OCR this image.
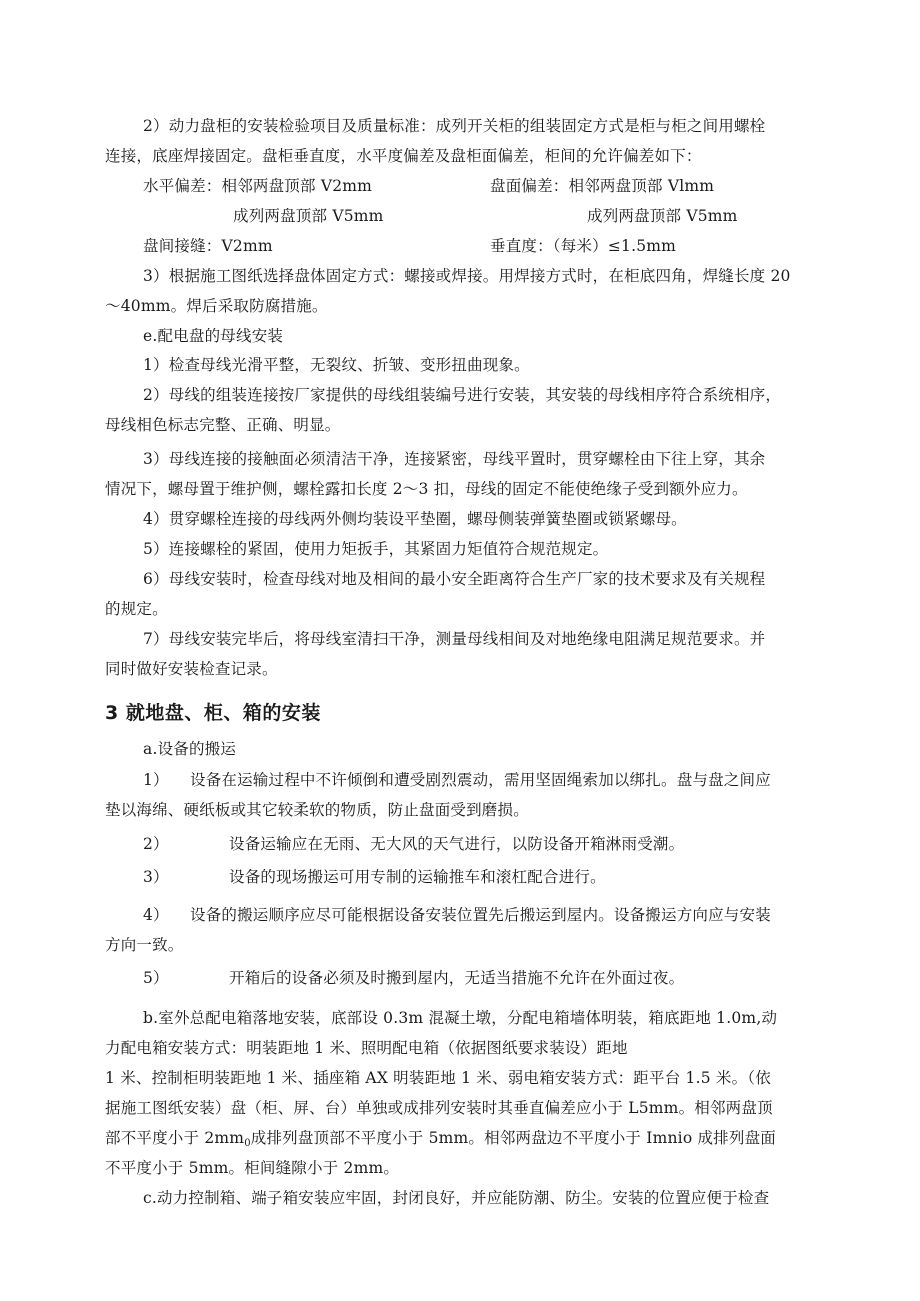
2）动力盘柜的安装检验项目及质量标准：成列开关柜的组装固定方式是柜与柜之间用螺栓
连接，底座焊接固定。盘柜垂直度，水平度偏差及盘柜面偏差，柜间的允许偏差如下：
水平偏差：相邻两盘顶部 V2mm	盘面偏差：相邻两盘顶部 Vlmm
成列两盘顶部 V5mm	成列两盘顶部 V5mm
盘间接缝：V2mm	垂直度：（每米）≤1.5mm
3）根据施工图纸选择盘体固定方式：螺接或焊接。用焊接方式时，在柜底四角，焊缝长度 20
～40mm。焊后采取防腐措施。
e.配电盘的母线安装
1）检查母线光滑平整，无裂纹、折皱、变形扭曲现象。
2）母线的组装连接按厂家提供的母线组装编号进行安装，其安装的母线相序符合系统相序，
母线相色标志完整、正确、明显。
3）母线连接的接触面必须清洁干净，连接紧密，母线平置时，贯穿螺栓由下往上穿，其余
情况下，螺母置于维护侧，螺栓露扣长度 2～3 扣，母线的固定不能使绝缘子受到额外应力。
4）贯穿螺栓连接的母线两外侧均装设平垫圈，螺母侧装弹簧垫圈或锁紧螺母。
5）连接螺栓的紧固，使用力矩扳手，其紧固力矩值符合规范规定。
6）母线安装时，检查母线对地及相间的最小安全距离符合生产厂家的技术要求及有关规程
的规定。
7）母线安装完毕后，将母线室清扫干净，测量母线相间及对地绝缘电阻满足规范要求。并
同时做好安装检查记录。
3 就地盘、柜、箱的安装
a.设备的搬运
1） 设备在运输过程中不许倾倒和遭受剧烈震动，需用坚固绳索加以绑扎。盘与盘之间应
垫以海绵、硬纸板或其它较柔软的物质，防止盘面受到磨损。
2）	设备运输应在无雨、无大风的天气进行，以防设备开箱淋雨受潮。
3）	设备的现场搬运可用专制的运输推车和滚杠配合进行。
4） 设备的搬运顺序应尽可能根据设备安装位置先后搬运到屋内。设备搬运方向应与安装
方向一致。
5）	开箱后的设备必须及时搬到屋内，无适当措施不允许在外面过夜。
b.室外总配电箱落地安装，底部设 0.3m 混凝土墩，分配电箱墙体明装，箱底距地 1.0m,动
力配电箱安装方式：明装距地 1 米、照明配电箱（依据图纸要求装设）距地
1 米、控制柜明装距地 1 米、插座箱 AX 明装距地 1 米、弱电箱安装方式：距平台 1.5 米。（依
据施工图纸安装）盘（柜、屏、台）单独或成排列安装时其垂直偏差应小于 L5mm。相邻两盘顶
部不平度小于 $2mm_0$成排列盘顶部不平度小于 5mm。相邻两盘边不平度小于 Imnio 成排列盘面
不平度小于 5mm。柜间缝隙小于 2mm。
c.动力控制箱、端子箱安装应牢固，封闭良好，并应能防潮、防尘。安装的位置应便于检查
